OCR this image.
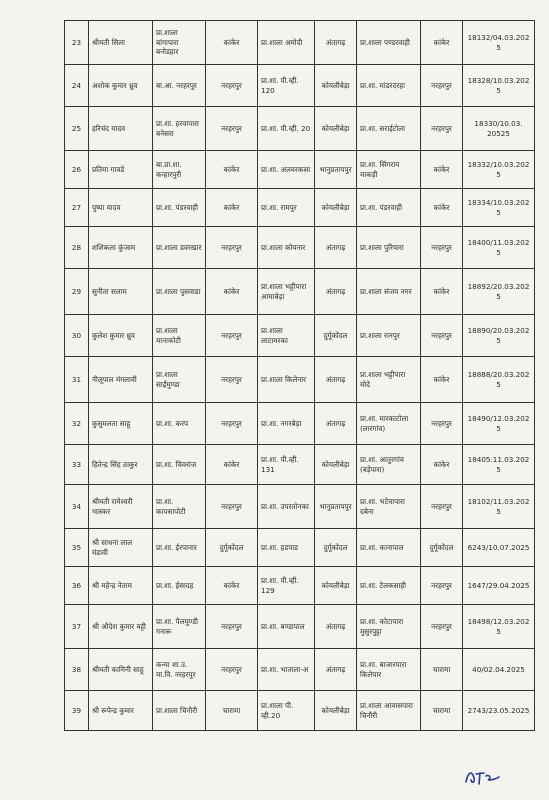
23	श्रीमती सिला	प्रा.शाला बांगापारा बनोडहार	कांकेर	प्रा.शाला अमोदी	अंतागढ़	प्रा.शाला पण्डरवाही	कांकेर	18132/04.03.2025
24	अशोक कुमार ध्रुव	बा.आ. नरहरपुर	नरहरपुर	प्रा.शा. पी.व्ही. 120	कोयलीबेड़ा	प्रा.शा. मांडरदरहा	नरहरपुर	18328/10.03.2025
25	हरिचंद यादव	प्रा.शा. हरवापारा बनेसरा	नरहरपुर	प्रा.शा. पी.व्ही. 20	कोयलीबेड़ा	प्रा.शा. सराईटोला	नरहरपुर	18330/10.03. 20525
26	प्रतिमा गावडे	बा.प्रा.शा. कन्हारपुरी	कांकेर	प्रा.शा. अलवरकसा	भानुप्रतापपुर	प्रा.शा. सिंगराय माकड़ी	कांकेर	18332/10.03.2025
27	पुष्पा यादव	प्रा.शा. पंडरवाही	कांकेर	प्रा.शा. रामपुर	कोयलीबेड़ा	प्रा.शा. पंडरवाही	कांकेर	18334/10.03.2025
28	शशिकला कुंजाम	प्रा.शाला डवरखार	नरहरपुर	प्रा.शाला कोयनार	अंतागढ़	प्रा.शाला पुरियारा	नरहरपुर	18400/11.03.2025
29	सुनीता सलाम	प्रा.शाला पुसवाडा	कांकेर	प्रा.शाला भट्टीपारा आमाबेड़ा	अंतागढ़	प्रा.शाला संजय नगर	कांकेर	18892/20.03.2025
30	कुलेश कुमार ध्रुव	प्रा.शाला मानाकोटी	नरहरपुर	प्रा.शाला लाटामरका	दुर्गूकोंदल	प्रा.शाला रानपुर	नरहरपुर	18890/20.03.2025
31	नीलूपाल मंगलावी	प्रा.शाला साईंमुण्डा	नरहरपुर	प्रा.शाला किलेनार	अंतागढ़	प्रा.शाला भट्टीपारा मोदे	कांकेर	18888/20.03.2025
32	कुसुमलता साहू	प्रा.शा. करप	नरहरपुर	प्रा.शा. नगरबेड़ा	अंतागढ़	प्रा.शा. मारकाटोला (लारगांव)	नरहरपुर	18490/12.03.2025
33	हितेन्द्र सिंह ठाकुर	प्रा.शा. चिवरांज	कांकेर	प्रा.शा. पी.व्ही. 131	कोयलीबेड़ा	प्रा.शा. आतुरगांव (बड़ेपारा)	कांकेर	18405.11.03.2025
34	श्रीमती रामेश्वरी भास्कर	प्रा.शा. कापसापोटी	नरहरपुर	प्रा.शा. उपरतोनका	भानुप्रतापपुर	प्रा.शा. भटेवापारा दबेना	नरहरपुर	18102/11.03.2025
35	श्री साधना लाल मंडावी	प्रा.शा. ईरपानार	दुर्गूकोंदल	प्रा.शा. हडपाड	दुर्गूकोंदल	प्रा.शा. कानापाल	दुर्गूकोंदल	6243/10.07.2025
36	श्री महेन्द्र नेताम	प्रा.शा. ईसादह	कांकेर	प्रा.शा. पी.व्ही. 129	कोयलीबेड़ा	प्रा.शा. टेलकसाही	नरहरपुर	1647/29.04.2025
37	श्री औदेश कुमार वट्टी	प्रा.शा. पैलमुण्डी गनारू	नरहरपुर	प्रा.शा. बण्डापाल	अंतागढ़	प्रा.शा. कोटापारा मुसुरपुट्टा	नरहरपुर	18498/12.03.2025
38	श्रीमती कामिनी साहू	कन्या शा.उ. मा.वि. नरहरपुर	नरहरपुर	प्रा.शा. भाताला-अ	अंतागढ़	प्रा.शा. बाजारपारा किलेपार	चारामा	40/02.04.2025
39	श्री रूपेन्द्र कुमार	प्रा.शाला चिनौरी	चारामा	प्रा.शाला पी. व्ही.20	कोयलीबेड़ा	प्रा.शाला आवासपारा चिनौरी	चारामा	2743/23.05.2025
